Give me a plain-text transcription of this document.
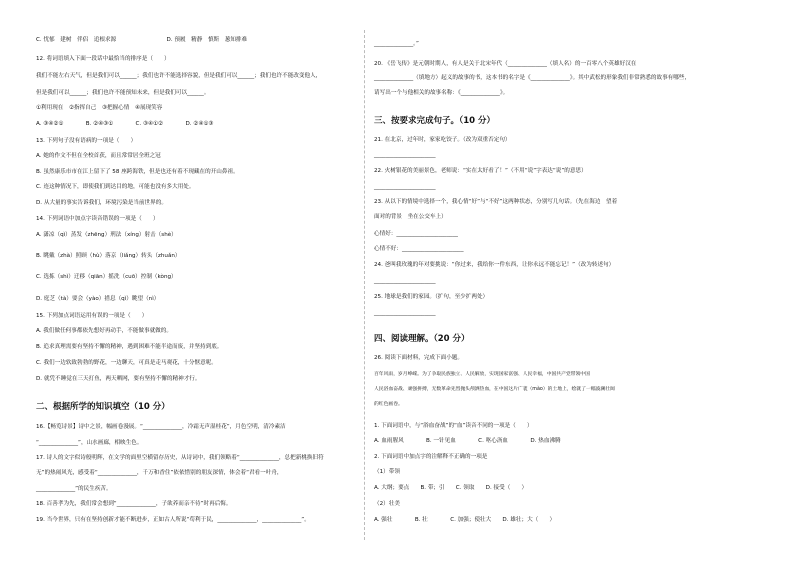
C. 忧郁　建树　伴侣　追根求源　　　　　　　　　D. 预履　精静　慎斯　葱知排难
12. 将词语填入下面一段话中最恰当的排序是（　　）
我们不能左右天气，但是我们可以______；我们也许不能选择容貌，但是我们可以______；我们也许不能改变他人，
但是我们可以______；我们也许不能预知未来，但是我们可以______。
①利用现在　②指挥自己　③把握心情　④展现笑容
A. ③④②①　　　　B. ②④③①　　　　C. ③④①②　　　　D. ②④①③
13. 下列句子没有语病的一项是（　　）
A. 她的作文不但在全校首获，而且常常居全班之冠
B. 虽然康乐市市在江上留下了 58 座跨海铁，但是也还有着不现藏在的开山鼻祖。
C. 连这种情况下，即使我们到达目的地，可能也没有多大用处。
D. 从大量的事实告诉我们，环境污染是当前世界的。
14. 下列词语中加点字读音错误的一项是（　　）
A. 潇凉（qì）蒸发（zhēng）刑法（xíng）射击（shè）
B. 眺戴（zhà）照顾（hù）落京（liǎng）转头（zhuǎn）
C. 选拣（shì）迁移（qiān）摇洗（cuō）控制（kòng）
D. 庭芝（tà）要会（yào）措息（qì）眺望（nì）
15. 下列加点词语运用有误的一项是（　　）
A. 我们做任何事都依先想好再动手，不能做事就做的。
B. 追求真理需要有坚持不懈的精神，遇到困难不能半途而废，并坚持到底。
C. 我们一边软致勃勃的野花，一边聊天，可真是走马观花，十分惬意呢。
D. 就凭不睡觉在三天打鱼，两天晒网，要有坚持不懈的精神才行。
二、根据所学的知识填空（10 分）
16.【畅览诗景】诗中之景，幅画卷漫展。“______________，冷霜无声湿桂花”，月色空明，清冷素洁
“______________”，山水画廊，相映生色。
17. 诗人的文字似诗般明辉，在文学的面里空横留存历史，从诗词中，我们领略着“______________，总把新桃换旧符
无”的热闹风光，感受着“______________，千万和香住”依依惜别的朋友深情，体会着“君看一叶舟，
______________”的民生疾苦。
18. 百善孝为先，我们常会想到“______________，子欲养而亲不待”时再后悔。
19. 当今世界，只有在坚持创新才能不断进步，正如古人所说“苟利于民，______________，______________”。
______________。”
20. 《岳飞传》是元朝时期人，有人是关于北宋年代（______________（填人名）的一百零八个英雄好汉在
______________（填地方）起义的故事的书，这本书的名字是《______________》。其中武松的形象我们非常熟悉的故事有哪些，
请写出一个与他相关的故事名称：《______________》。
三、按要求完成句子。（10 分）
21. 在北京，过年时，家家吃饺子。（改为双重否定句）
______________________
22. 火树银花的美丽景色，老师说：“实在太好看了！”（不用“说”字表达“说”的意思）
______________________
23. 从以下的情境中选择一个，我心情“好”与“不好”这两种状态，分别写几句话。（先在海边　望着
面对的背景　坐在公交车上）
心情好：______________________
心情不好：______________________
24. 爸叫我玫瑰的年对要挑说：“你过来，我给你一件东西，让你永远不能忘记！”（改为转述句）
______________________
25. 地球是我们的家园。（扩句，至少扩两处）
______________________
四、阅读理解。（20 分）
26. 阅读下面材料，完成下面小题。
百年风雨，岁月峥嵘。为了争取民族独立、人民解放，实现国家富强、人民幸福，中国共产党带领中国
人民浴血奋战、顽强拼搏，无数革命先烈抛头颅洒热血，在中国这片广袤（mào）的土地上，绘就了一幅波澜壮阔
的红色画卷。
1. 下面词语中，与“浴血奋战”的“血”读音不同的一项是（　　）
A. 血雨腥风　　　　B. 一针见血　　　　C. 呕心沥血　　　　D. 热血沸腾
2. 下面词语中加点字的注解释不正确的一项是
（1）带领
A. 大纲；要点　　B. 带；引　　C. 领取　　D. 接受（　　）
（2）壮美
A. 强壮　　　　B. 壮　　　　C. 加强；使壮大　　D. 雄壮；大（　　）
